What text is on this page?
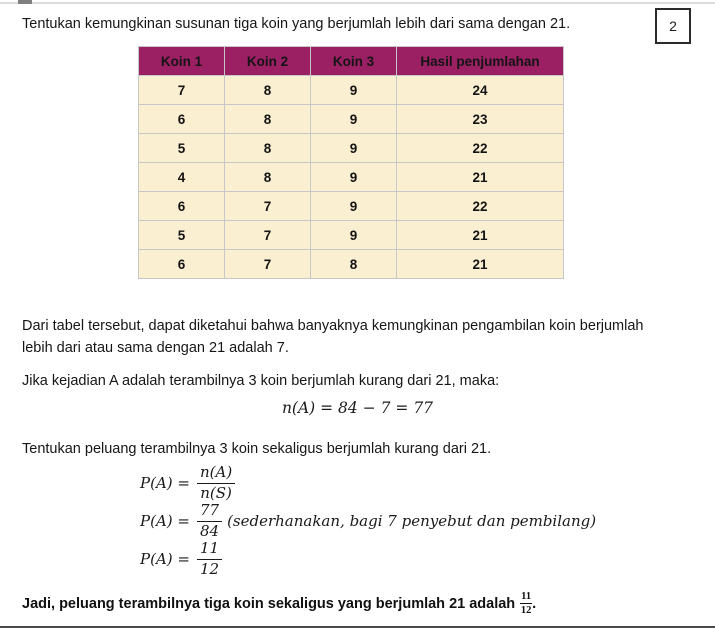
Tentukan kemungkinan susunan tiga koin yang berjumlah lebih dari sama dengan 21.	2
Koin 1	Koin 2	Koin 3	Hasil penjumlahan
7	8	9	24
6	8	9	23
5	8	9	22
4	8	9	21
6	7	9	22
5	7	9	21
6	7	8	21

Dari tabel tersebut, dapat diketahui bahwa banyaknya kemungkinan pengambilan koin berjumlah lebih dari atau sama dengan 21 adalah 7.

Jika kejadian A adalah terambilnya 3 koin berjumlah kurang dari 21, maka:

n(A) = 84 − 7 = 77

Tentukan peluang terambilnya 3 koin sekaligus berjumlah kurang dari 21.

$P(A) = \frac{n(A)}{n(S)}$
$P(A) = \frac{77}{84}$ (sederhanakan, bagi 7 penyebut dan pembilang)
$P(A) = \frac{11}{12}$

Jadi, peluang terambilnya tiga koin sekaligus yang berjumlah 21 adalah $\frac{11}{12}$ .
